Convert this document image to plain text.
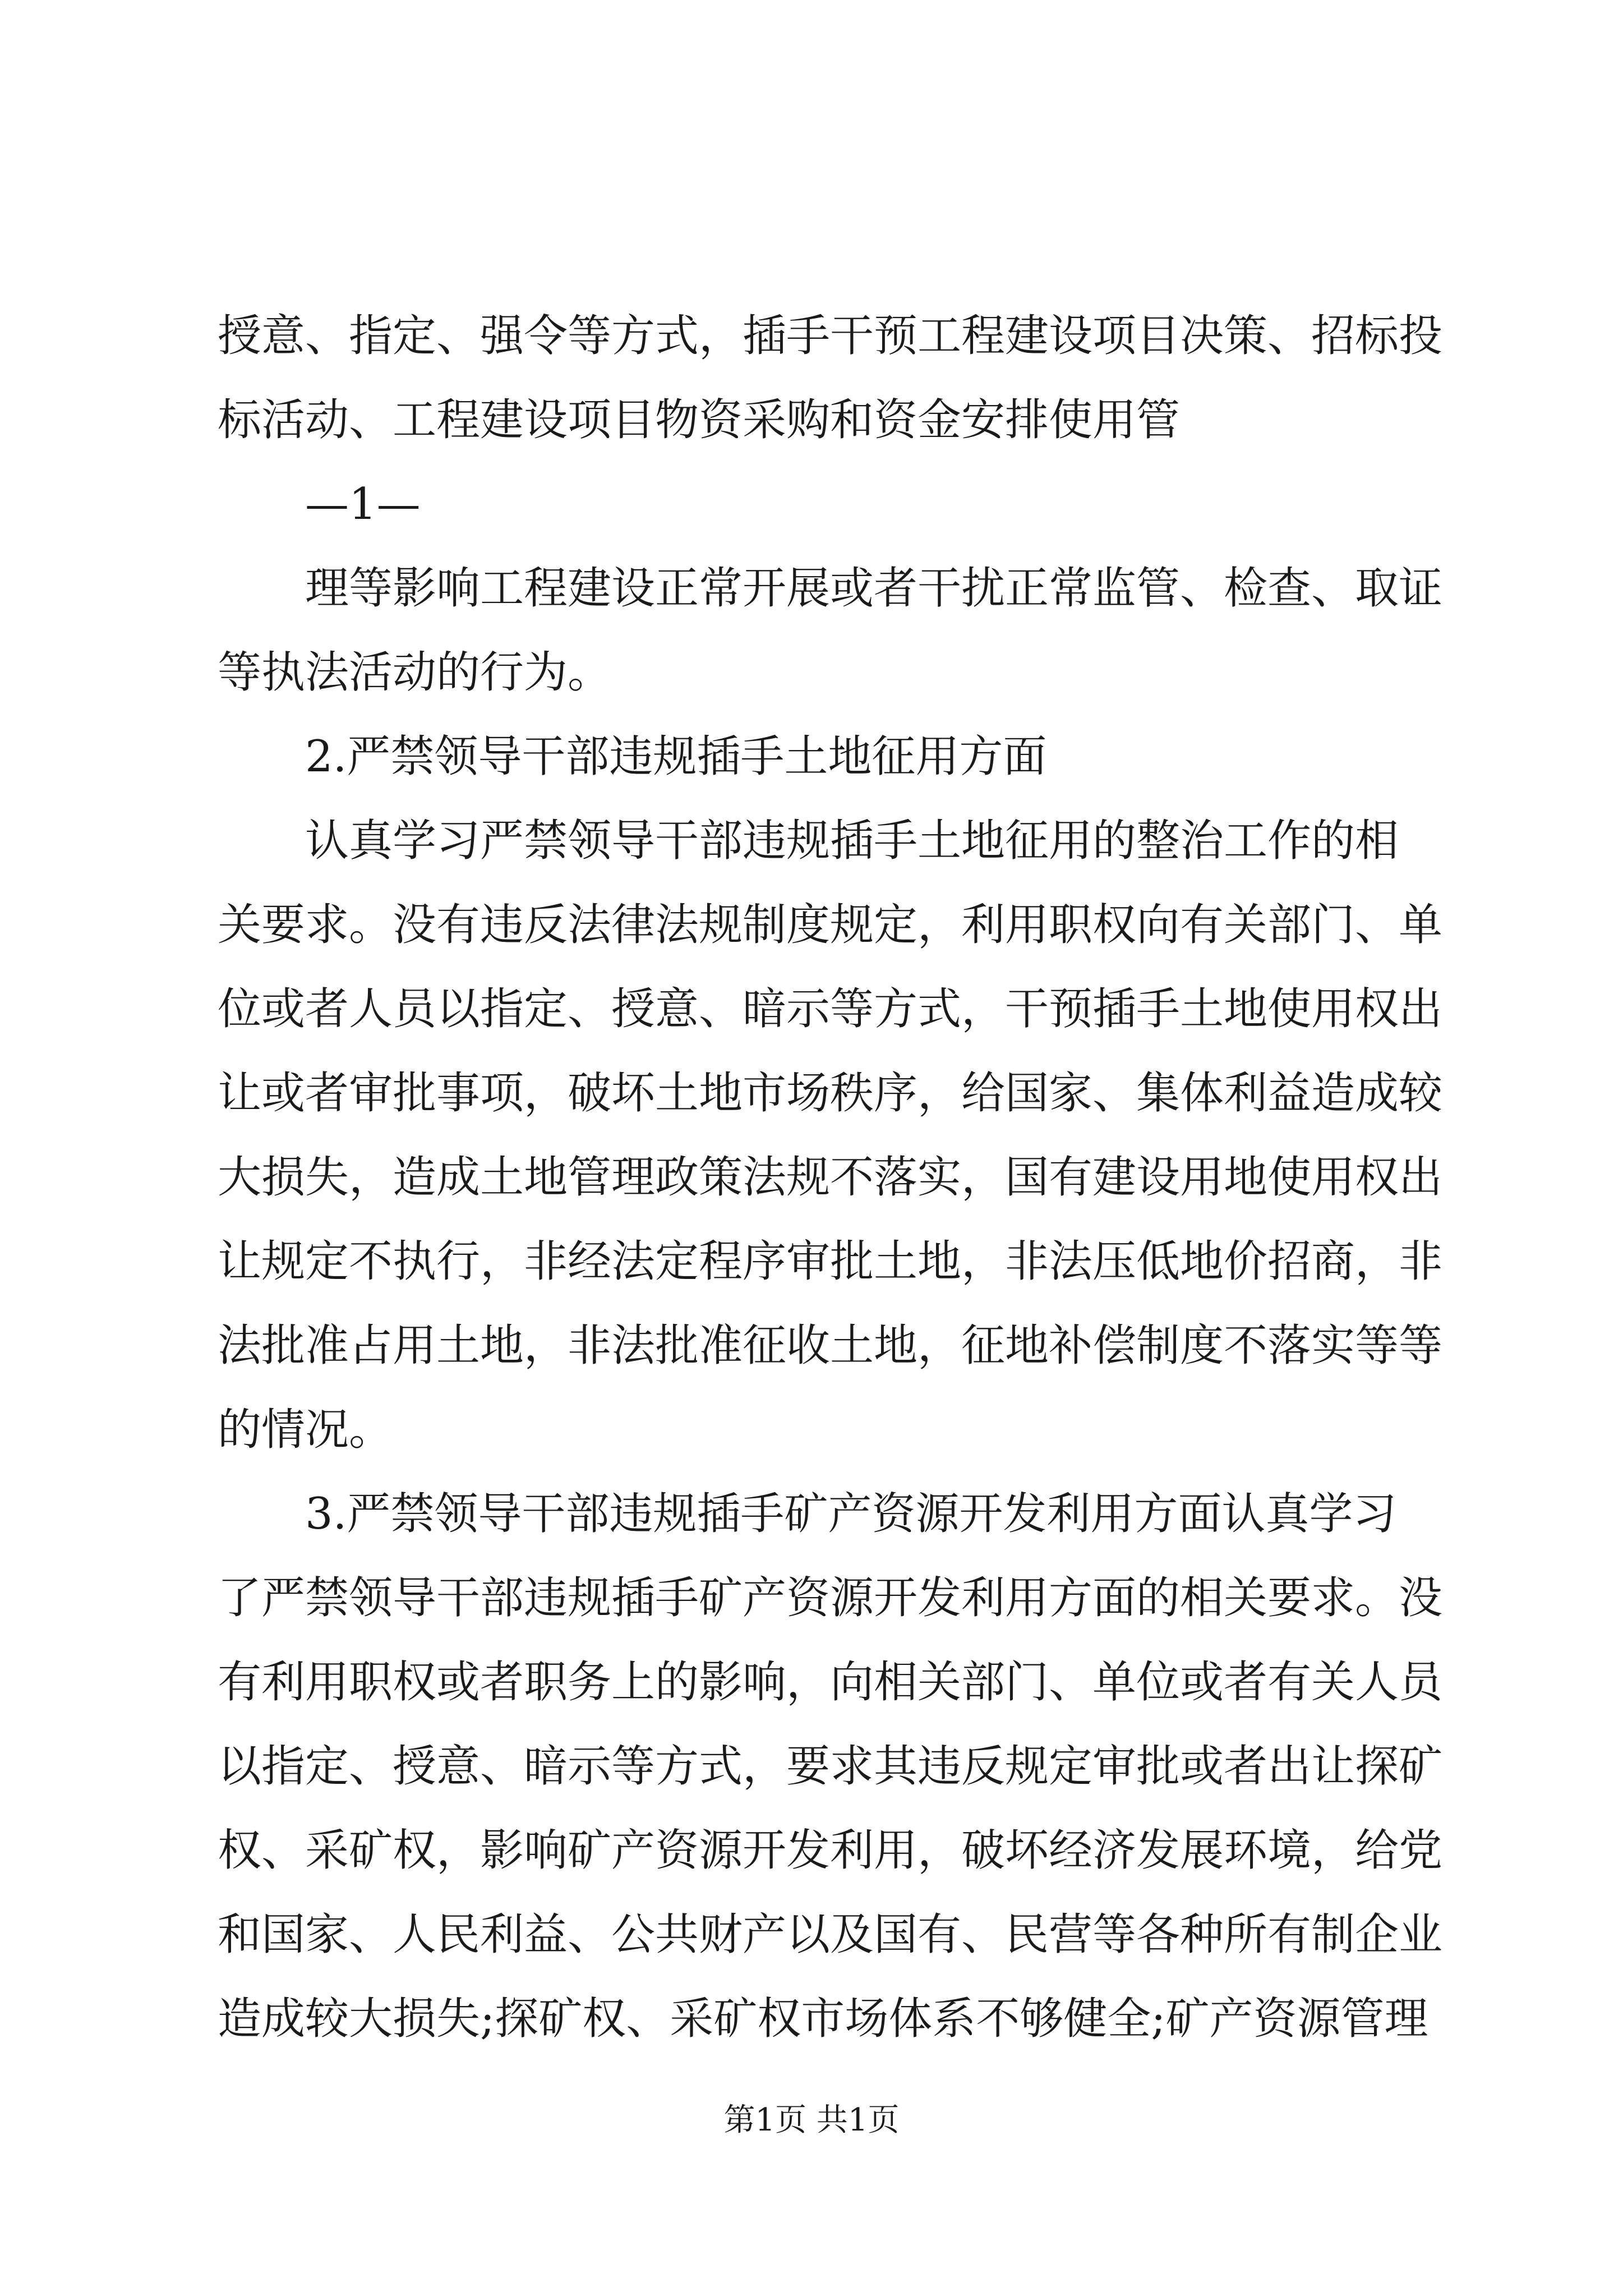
授意、指定、强令等方式，插手干预工程建设项目决策、招标投
标活动、工程建设项目物资采购和资金安排使用管
—1—
理等影响工程建设正常开展或者干扰正常监管、检查、取证
等执法活动的行为。
2.严禁领导干部违规插手土地征用方面
认真学习严禁领导干部违规插手土地征用的整治工作的相
关要求。没有违反法律法规制度规定，利用职权向有关部门、单
位或者人员以指定、授意、暗示等方式，干预插手土地使用权出
让或者审批事项，破坏土地市场秩序，给国家、集体利益造成较
大损失，造成土地管理政策法规不落实，国有建设用地使用权出
让规定不执行，非经法定程序审批土地，非法压低地价招商，非
法批准占用土地，非法批准征收土地，征地补偿制度不落实等等
的情况。
3.严禁领导干部违规插手矿产资源开发利用方面认真学习
了严禁领导干部违规插手矿产资源开发利用方面的相关要求。没
有利用职权或者职务上的影响，向相关部门、单位或者有关人员
以指定、授意、暗示等方式，要求其违反规定审批或者出让探矿
权、采矿权，影响矿产资源开发利用，破坏经济发展环境，给党
和国家、人民利益、公共财产以及国有、民营等各种所有制企业
造成较大损失;探矿权、采矿权市场体系不够健全;矿产资源管理
第1页 共1页
